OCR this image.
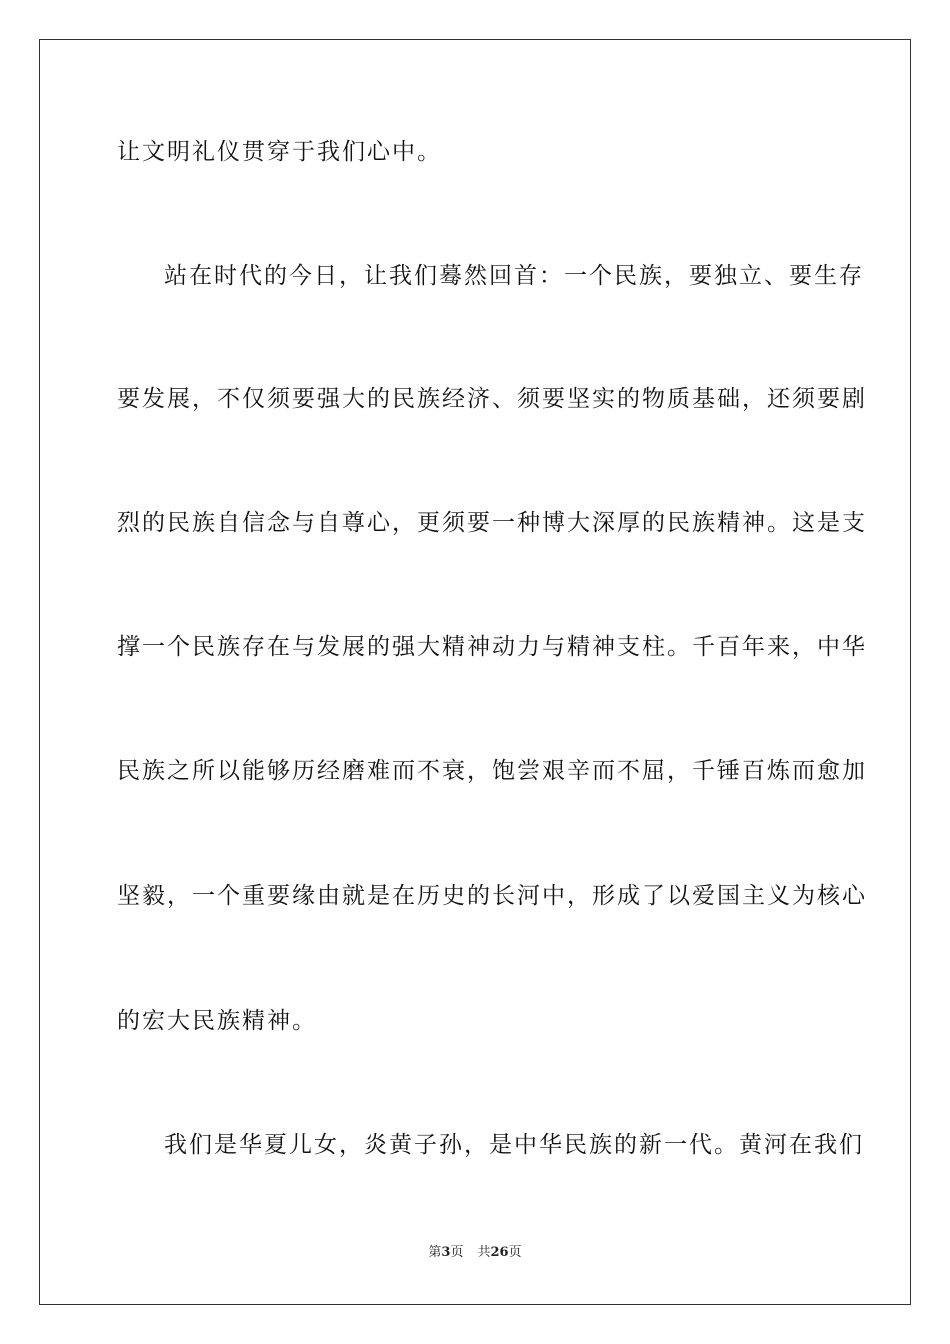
让文明礼仪贯穿于我们心中。
站在时代的今日，让我们蓦然回首：一个民族，要独立、要生存
要发展，不仅须要强大的民族经济、须要坚实的物质基础，还须要剧
烈的民族自信念与自尊心，更须要一种博大深厚的民族精神。这是支
撑一个民族存在与发展的强大精神动力与精神支柱。千百年来，中华
民族之所以能够历经磨难而不衰，饱尝艰辛而不屈，千锤百炼而愈加
坚毅，一个重要缘由就是在历史的长河中，形成了以爱国主义为核心
的宏大民族精神。
我们是华夏儿女，炎黄子孙，是中华民族的新一代。黄河在我们
第3页 共26页
